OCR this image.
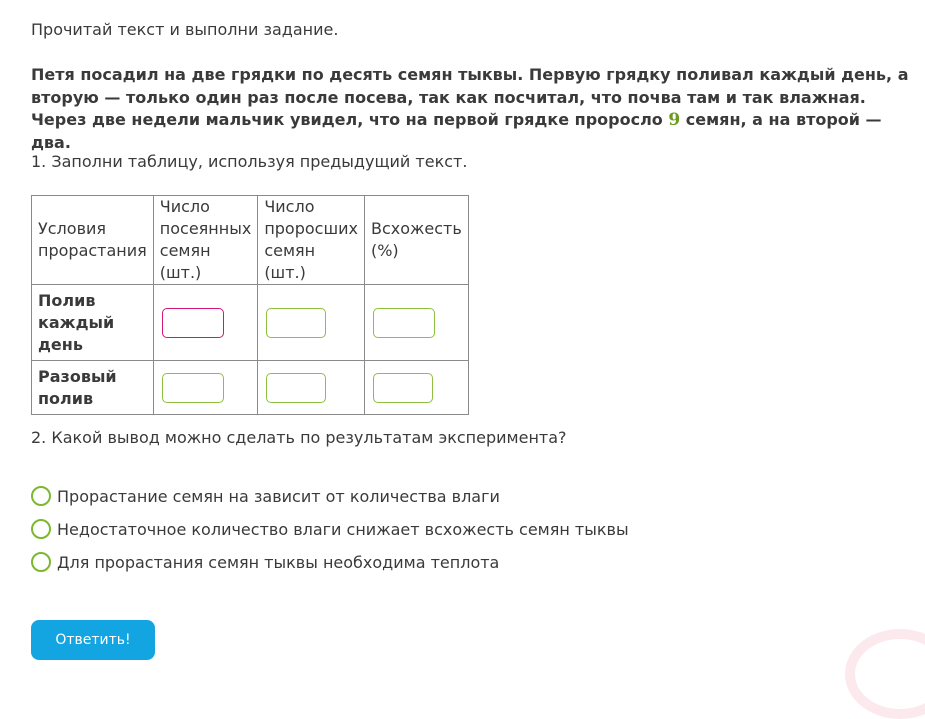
Прочитай текст и выполни задание.

Петя посадил на две грядки по десять семян тыквы. Первую грядку поливал каждый день, а вторую — только один раз после посева, так как посчитал, что почва там и так влажная. Через две недели мальчик увидел, что на первой грядке проросло 9 семян, а на второй — два.

1. Заполни таблицу, используя предыдущий текст.

Условия прорастания	Число посеянных семян (шт.)	Число проросших семян (шт.)	Всхожесть (%)
Полив каждый день	

Разовый полив	

2. Какой вывод можно сделать по результатам эксперимента?

Прорастание семян на зависит от количества влаги
Недостаточное количество влаги снижает всхожесть семян тыквы
Для прорастания семян тыквы необходима теплота
Ответить!
